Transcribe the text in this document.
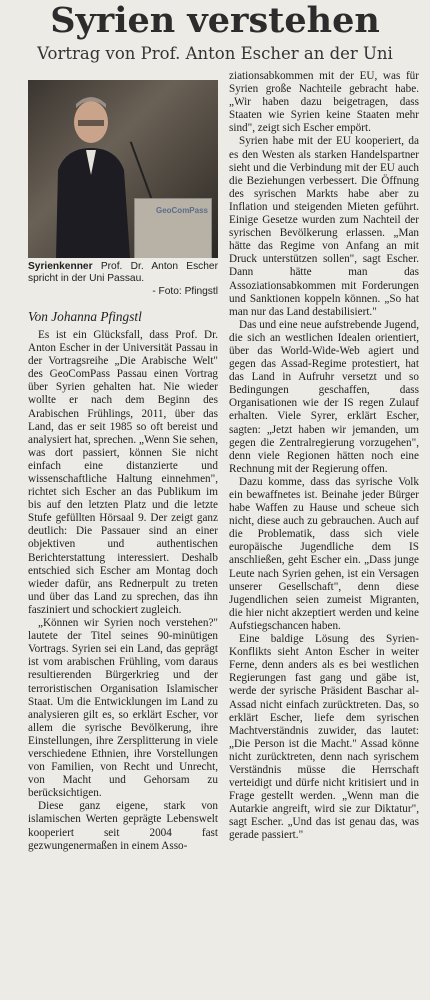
Syrien verstehen
Vortrag von Prof. Anton Escher an der Uni
GeoComPass
Syrienkenner Prof. Dr. Anton Escher spricht in der Uni Passau.
- Foto: Pfingstl
Von Johanna Pfingstl

Es ist ein Glücksfall, dass Prof. Dr. Anton Escher in der Universität Passau in der Vortragsreihe „Die Arabische Welt" des GeoComPass Passau einen Vortrag über Syrien gehalten hat. Nie wieder wollte er nach dem Beginn des Arabischen Frühlings, 2011, über das Land, das er seit 1985 so oft bereist und analysiert hat, sprechen. „Wenn Sie sehen, was dort passiert, können Sie nicht einfach eine distanzierte und wissenschaftliche Haltung einnehmen", richtet sich Escher an das Publikum im bis auf den letzten Platz und die letzte Stufe gefüllten Hörsaal 9. Der zeigt ganz deutlich: Die Passauer sind an einer objektiven und authentischen Berichterstattung interessiert. Deshalb entschied sich Escher am Montag doch wieder dafür, ans Rednerpult zu treten und über das Land zu sprechen, das ihn fasziniert und schockiert zugleich.

„Können wir Syrien noch verstehen?" lautete der Titel seines 90-minütigen Vortrags. Syrien sei ein Land, das geprägt ist vom arabischen Frühling, vom daraus resultierenden Bürgerkrieg und der terroristischen Organisation Islamischer Staat. Um die Entwicklungen im Land zu analysieren gilt es, so erklärt Escher, vor allem die syrische Bevölkerung, ihre Einstellungen, ihre Zersplitterung in viele verschiedene Ethnien, ihre Vorstellungen von Familien, von Recht und Unrecht, von Macht und Gehorsam zu berücksichtigen.

Diese ganz eigene, stark von islamischen Werten geprägte Lebenswelt kooperiert seit 2004 fast gezwungenermaßen in einem Asso-

ziationsabkommen mit der EU, was für Syrien große Nachteile gebracht habe. „Wir haben dazu beigetragen, dass Staaten wie Syrien keine Staaten mehr sind", zeigt sich Escher empört.

Syrien habe mit der EU kooperiert, da es den Westen als starken Handelspartner sieht und die Verbindung mit der EU auch die Beziehungen verbessert. Die Öffnung des syrischen Markts habe aber zu Inflation und steigenden Mieten geführt. Einige Gesetze wurden zum Nachteil der syrischen Bevölkerung erlassen. „Man hätte das Regime von Anfang an mit Druck unterstützen sollen", sagt Escher. Dann hätte man das Assoziationsabkommen mit Forderungen und Sanktionen koppeln können. „So hat man nur das Land destabilisiert."

Das und eine neue aufstrebende Jugend, die sich an westlichen Idealen orientiert, über das World-Wide-Web agiert und gegen das Assad-Regime protestiert, hat das Land in Aufruhr versetzt und so Bedingungen geschaffen, dass Organisationen wie der IS regen Zulauf erhalten. Viele Syrer, erklärt Escher, sagten: „Jetzt haben wir jemanden, um gegen die Zentralregierung vorzugehen", denn viele Regionen hätten noch eine Rechnung mit der Regierung offen.

Dazu komme, dass das syrische Volk ein bewaffnetes ist. Beinahe jeder Bürger habe Waffen zu Hause und scheue sich nicht, diese auch zu gebrauchen. Auch auf die Problematik, dass sich viele europäische Jugendliche dem IS anschließen, geht Escher ein. „Dass junge Leute nach Syrien gehen, ist ein Versagen unserer Gesellschaft", denn diese Jugendlichen seien zumeist Migranten, die hier nicht akzeptiert werden und keine Aufstiegschancen haben.

Eine baldige Lösung des Syrien-Konflikts sieht Anton Escher in weiter Ferne, denn anders als es bei westlichen Regierungen fast gang und gäbe ist, werde der syrische Präsident Baschar al-Assad nicht einfach zurücktreten. Das, so erklärt Escher, liefe dem syrischen Machtverständnis zuwider, das lautet: „Die Person ist die Macht." Assad könne nicht zurücktreten, denn nach syrischem Verständnis müsse die Herrschaft verteidigt und dürfe nicht kritisiert und in Frage gestellt werden. „Wenn man die Autarkie angreift, wird sie zur Diktatur", sagt Escher. „Und das ist genau das, was gerade passiert."
